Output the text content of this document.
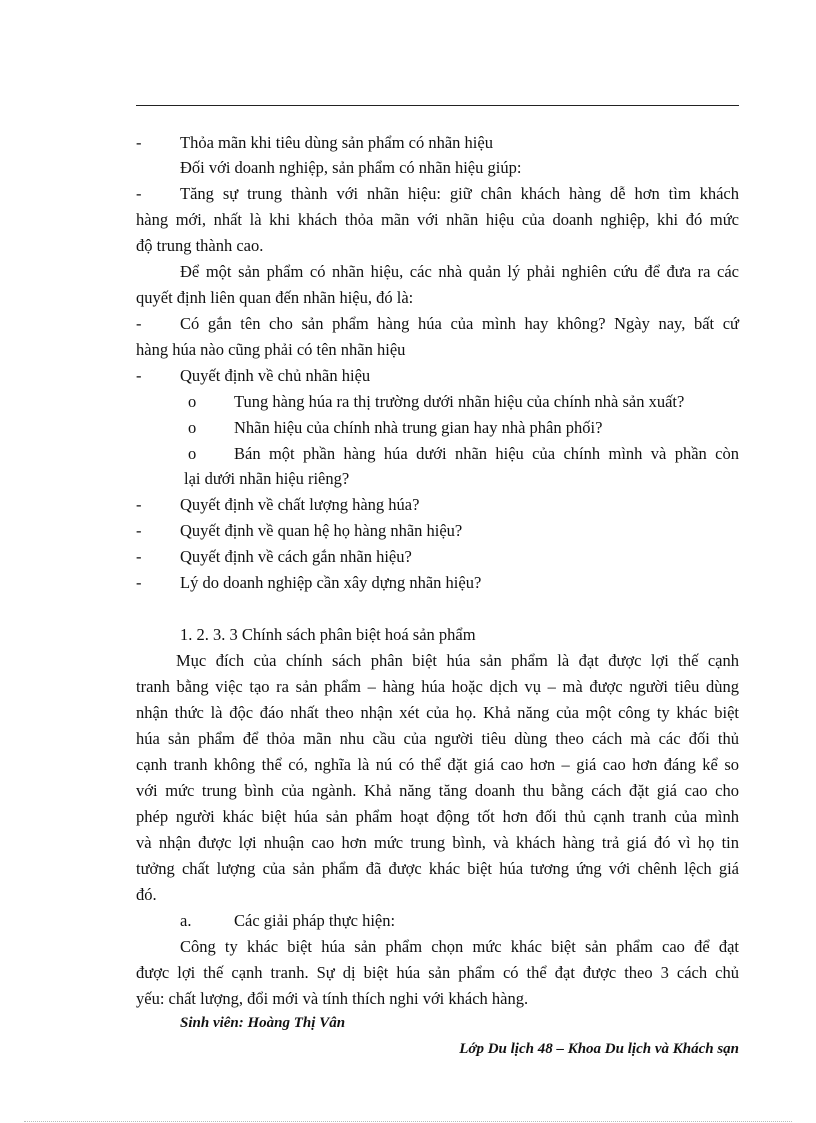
- Thỏa mãn khi tiêu dùng sản phẩm có nhãn hiệu
Đối với doanh nghiệp, sản phẩm có nhãn hiệu giúp:
- Tăng sự trung thành với nhãn hiệu: giữ chân khách hàng dễ hơn tìm khách
hàng mới, nhất là khi khách thỏa mãn với nhãn hiệu của doanh nghiệp, khi đó mức
độ trung thành cao.
Để một sản phẩm có nhãn hiệu, các nhà quản lý phải nghiên cứu để đưa ra các
quyết định liên quan đến nhãn hiệu, đó là:
- Có gắn tên cho sản phẩm hàng húa của mình hay không? Ngày nay, bất cứ
hàng húa nào cũng phải có tên nhãn hiệu
- Quyết định về chủ nhãn hiệu
o Tung hàng húa ra thị trường dưới nhãn hiệu của chính nhà sản xuất?
o Nhãn hiệu của chính nhà trung gian hay nhà phân phối?
o Bán một phần hàng húa dưới nhãn hiệu của chính mình và phần còn
lại dưới nhãn hiệu riêng?
- Quyết định về chất lượng hàng húa?
- Quyết định về quan hệ họ hàng nhãn hiệu?
- Quyết định về cách gắn nhãn hiệu?
- Lý do doanh nghiệp cần xây dựng nhãn hiệu?
1. 2. 3. 3 Chính sách phân biệt hoá sản phẩm
Mục đích của chính sách phân biệt húa sản phẩm là đạt được lợi thế cạnh
tranh bằng việc tạo ra sản phẩm – hàng húa hoặc dịch vụ – mà được người tiêu dùng
nhận thức là độc đáo nhất theo nhận xét của họ. Khả năng của một công ty khác biệt
húa sản phẩm để thỏa mãn nhu cầu của người tiêu dùng theo cách mà các đối thủ
cạnh tranh không thể có, nghĩa là nú có thể đặt giá cao hơn – giá cao hơn đáng kể so
với mức trung bình của ngành. Khả năng tăng doanh thu bằng cách đặt giá cao cho
phép người khác biệt húa sản phẩm hoạt động tốt hơn đối thủ cạnh tranh của mình
và nhận được lợi nhuận cao hơn mức trung bình, và khách hàng trả giá đó vì họ tin
tưởng chất lượng của sản phẩm đã được khác biệt húa tương ứng với chênh lệch giá
đó.
a.	Các giải pháp thực hiện:
Công ty khác biệt húa sản phẩm chọn mức khác biệt sản phẩm cao để đạt
được lợi thế cạnh tranh. Sự dị biệt húa sản phẩm có thể đạt được theo 3 cách chủ
yếu: chất lượng, đổi mới và tính thích nghi với khách hàng.
Sinh viên: Hoàng Thị Vân
Lớp Du lịch 48 – Khoa Du lịch và Khách sạn
